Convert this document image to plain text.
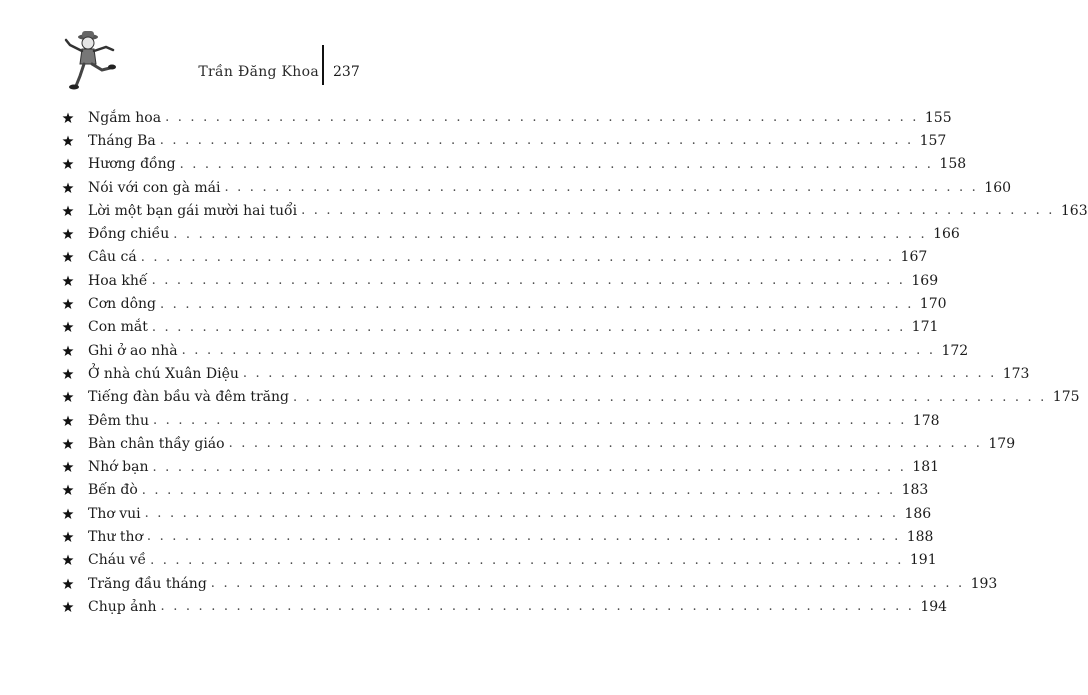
Trần Đăng Khoa 237
Ngắm hoa . . . . . . . . . . . . . . . . . . . . . . . . . . . . . . . . . . . . . . . . . . . . . . . . . . . . . . . . . . . . 155
Tháng Ba . . . . . . . . . . . . . . . . . . . . . . . . . . . . . . . . . . . . . . . . . . . . . . . . . . . . . . . . . . . . 157
Hương đồng . . . . . . . . . . . . . . . . . . . . . . . . . . . . . . . . . . . . . . . . . . . . . . . . . . . . . . . . . . . . 158
Nói với con gà mái . . . . . . . . . . . . . . . . . . . . . . . . . . . . . . . . . . . . . . . . . . . . . . . . . . . . . . . . . . . . 160
Lời một bạn gái mười hai tuổi . . . . . . . . . . . . . . . . . . . . . . . . . . . . . . . . . . . . . . . . . . . . . . . . . . . . . . . . . . . . 163
Đồng chiều . . . . . . . . . . . . . . . . . . . . . . . . . . . . . . . . . . . . . . . . . . . . . . . . . . . . . . . . . . . . 166
Câu cá . . . . . . . . . . . . . . . . . . . . . . . . . . . . . . . . . . . . . . . . . . . . . . . . . . . . . . . . . . . . 167
Hoa khế . . . . . . . . . . . . . . . . . . . . . . . . . . . . . . . . . . . . . . . . . . . . . . . . . . . . . . . . . . . . 169
Cơn dông . . . . . . . . . . . . . . . . . . . . . . . . . . . . . . . . . . . . . . . . . . . . . . . . . . . . . . . . . . . . 170
Con mắt . . . . . . . . . . . . . . . . . . . . . . . . . . . . . . . . . . . . . . . . . . . . . . . . . . . . . . . . . . . . 171
Ghi ở ao nhà . . . . . . . . . . . . . . . . . . . . . . . . . . . . . . . . . . . . . . . . . . . . . . . . . . . . . . . . . . . . 172
Ở nhà chú Xuân Diệu . . . . . . . . . . . . . . . . . . . . . . . . . . . . . . . . . . . . . . . . . . . . . . . . . . . . . . . . . . . . 173
Tiếng đàn bầu và đêm trăng . . . . . . . . . . . . . . . . . . . . . . . . . . . . . . . . . . . . . . . . . . . . . . . . . . . . . . . . . . . . 175
Đêm thu . . . . . . . . . . . . . . . . . . . . . . . . . . . . . . . . . . . . . . . . . . . . . . . . . . . . . . . . . . . . 178
Bàn chân thầy giáo . . . . . . . . . . . . . . . . . . . . . . . . . . . . . . . . . . . . . . . . . . . . . . . . . . . . . . . . . . . . 179
Nhớ bạn . . . . . . . . . . . . . . . . . . . . . . . . . . . . . . . . . . . . . . . . . . . . . . . . . . . . . . . . . . . . 181
Bến đò . . . . . . . . . . . . . . . . . . . . . . . . . . . . . . . . . . . . . . . . . . . . . . . . . . . . . . . . . . . . 183
Thơ vui . . . . . . . . . . . . . . . . . . . . . . . . . . . . . . . . . . . . . . . . . . . . . . . . . . . . . . . . . . . . 186
Thư thơ . . . . . . . . . . . . . . . . . . . . . . . . . . . . . . . . . . . . . . . . . . . . . . . . . . . . . . . . . . . . 188
Cháu về . . . . . . . . . . . . . . . . . . . . . . . . . . . . . . . . . . . . . . . . . . . . . . . . . . . . . . . . . . . . 191
Trăng đầu tháng . . . . . . . . . . . . . . . . . . . . . . . . . . . . . . . . . . . . . . . . . . . . . . . . . . . . . . . . . . . . 193
Chụp ảnh . . . . . . . . . . . . . . . . . . . . . . . . . . . . . . . . . . . . . . . . . . . . . . . . . . . . . . . . . . . . 194
